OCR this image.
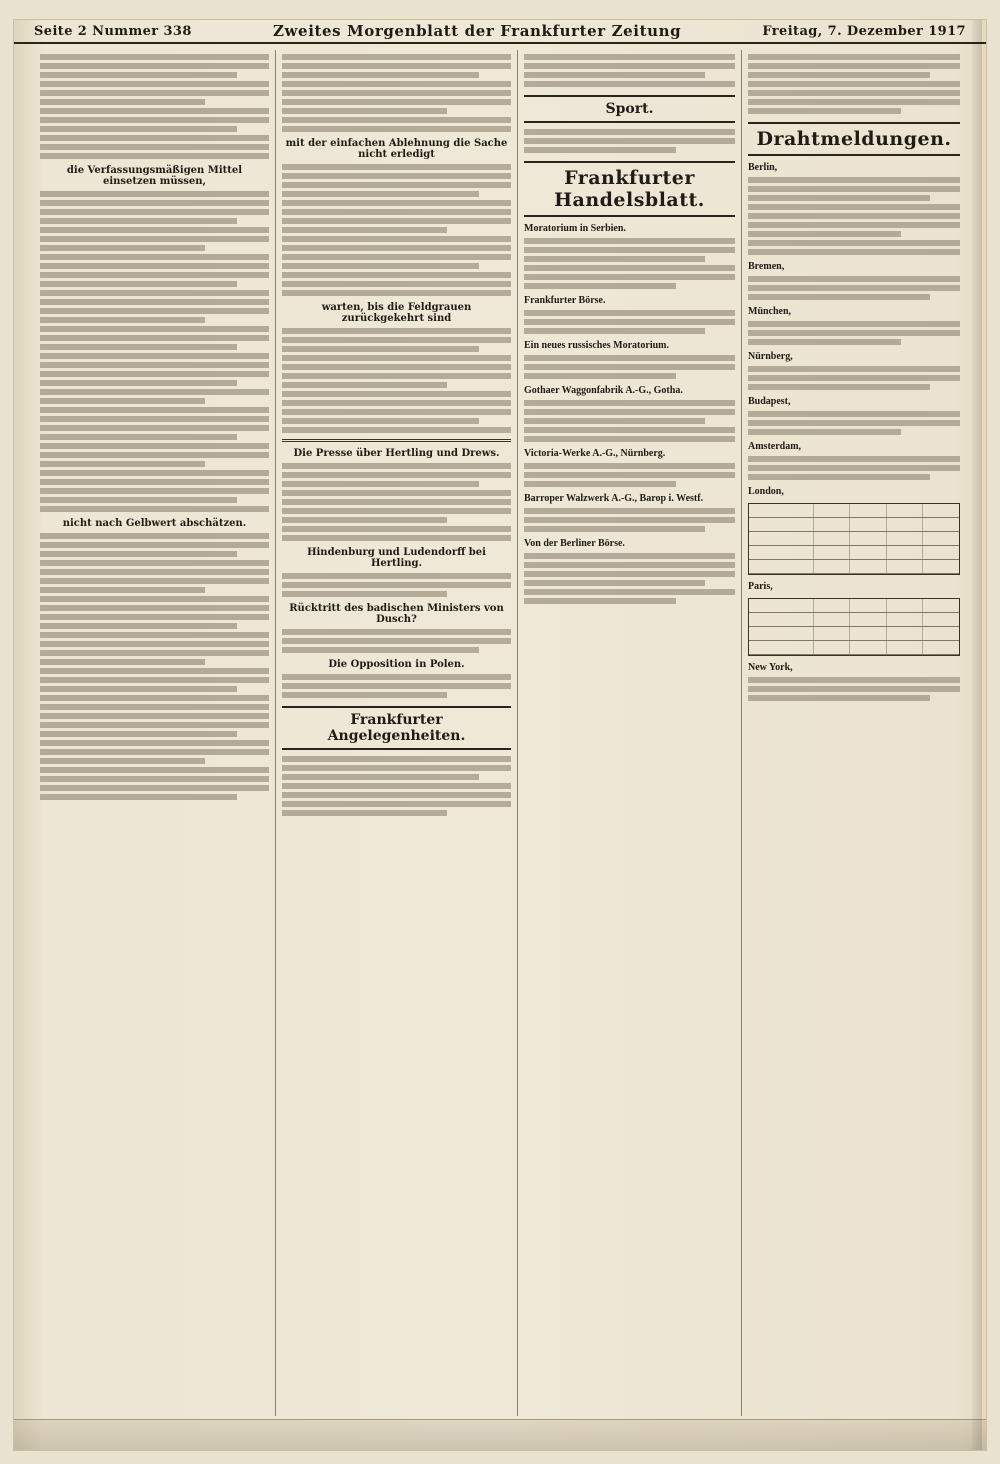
Seite 2 Nummer 338	Zweites Morgenblatt der Frankfurter Zeitung	Freitag, 7. Dezember 1917
die Verfassungsmäßigen Mittel einsetzen müssen,
nicht nach Gelbwert abschätzen.
mit der einfachen Ablehnung die Sache nicht erledigt
warten, bis die Feldgrauen zurückgekehrt sind
Die Presse über Hertling und Drews.
Hindenburg und Ludendorff bei Hertling.
Rücktritt des badischen Ministers von Dusch?
Die Opposition in Polen.
Frankfurter Angelegenheiten.
Sport.
Frankfurter Handelsblatt.
Moratorium in Serbien.
Frankfurter Börse.
Ein neues russisches Moratorium.
Gothaer Waggonfabrik A.-G., Gotha.
Victoria-Werke A.-G., Nürnberg.
Barroper Walzwerk A.-G., Barop i. Westf.
Von der Berliner Börse.
Drahtmeldungen.
Berlin,
Bremen,
München,
Nürnberg,
Budapest,
Amsterdam,
London,
Paris,
New York,
